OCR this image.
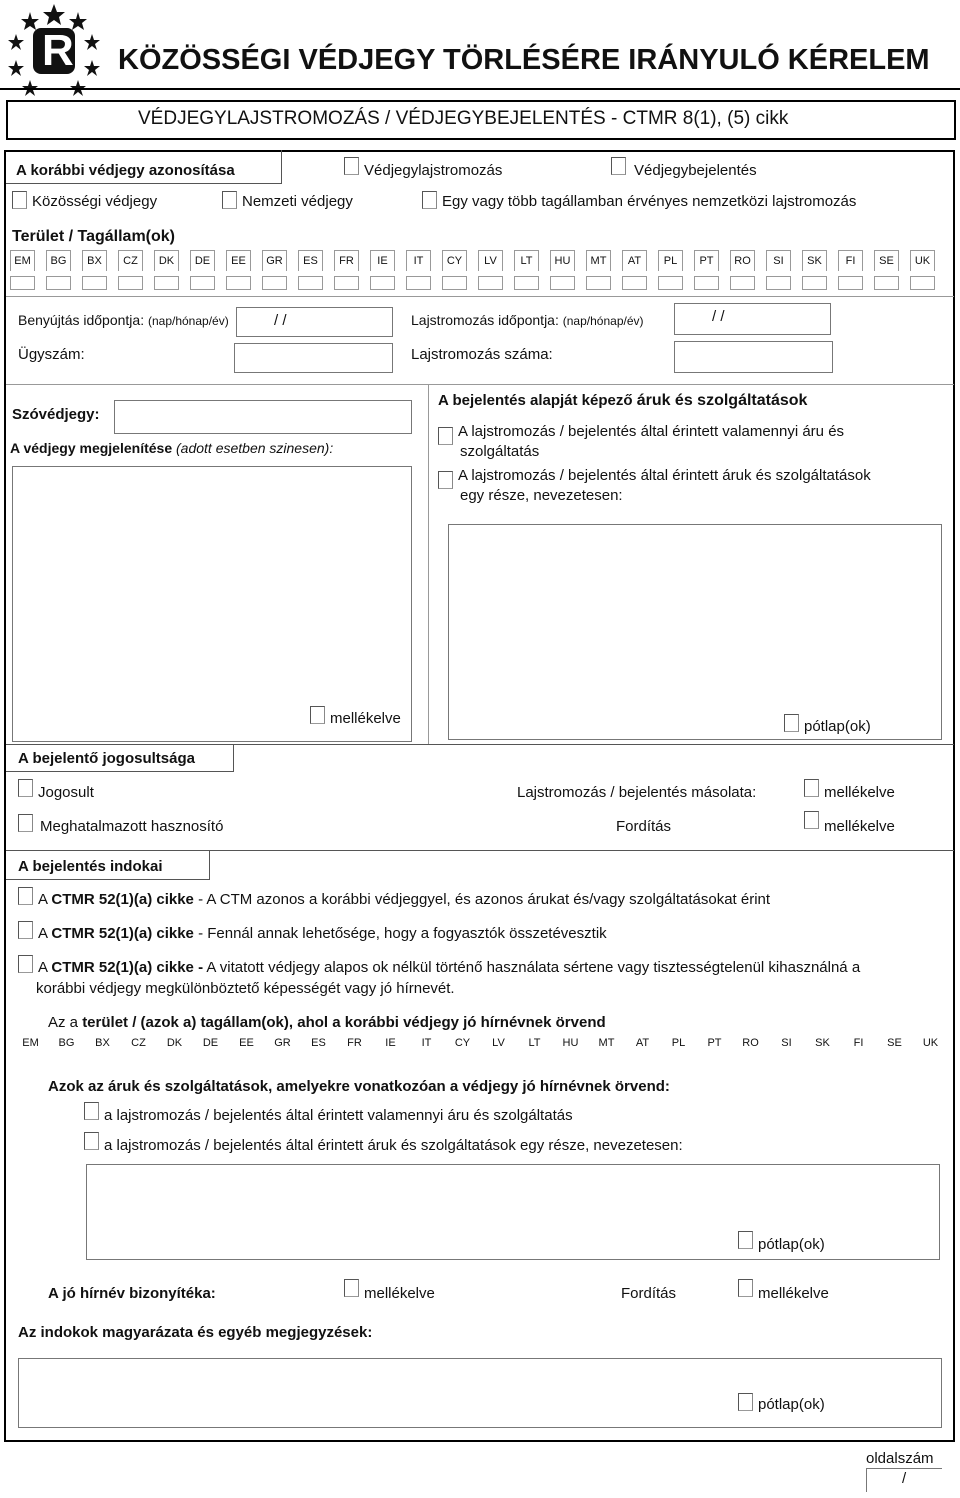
R KÖZÖSSÉGI VÉDJEGY TÖRLÉSÉRE IRÁNYULÓ KÉRELEM
VÉDJEGYLAJSTROMOZÁS / VÉDJEGYBEJELENTÉS - CTMR 8(1), (5) cikk
A korábbi védjegy azonosítása	Védjegylajstromozás	Védjegybejelentés
Közösségi védjegy	Nemzeti védjegy	Egy vagy több tagállamban érvényes nemzetközi lajstromozás
Terület / Tagállam(ok)
EM	BG	BX	CZ	DK	DE	EE	GR	ES	FR	IE	IT	CY	LV	LT	HU	MT	AT	PL	PT	RO	SI	SK	FI	SE	UK
Benyújtás időpontja: (nap/hónap/év)	/ /	Lajstromozás időpontja: (nap/hónap/év)	/ /
Ügyszám:	Lajstromozás száma:
Szóvédjegy:
A védjegy megjelenítése (adott esetben szinesen):
mellékelve
A bejelentés alapját képező áruk és szolgáltatások
A lajstromozás / bejelentés által érintett valamennyi áru és
szolgáltatás
A lajstromozás / bejelentés által érintett áruk és szolgáltatások
egy része, nevezetesen:
pótlap(ok)
A bejelentő jogosultsága
Jogosult	Lajstromozás / bejelentés másolata:	mellékelve
Meghatalmazott hasznosító	Fordítás	mellékelve
A bejelentés indokai
A CTMR 52(1)(a) cikke - A CTM azonos a korábbi védjeggyel, és azonos árukat és/vagy szolgáltatásokat érint
A CTMR 52(1)(a) cikke - Fennál annak lehetősége, hogy a fogyasztók összetévesztik
A CTMR 52(1)(a) cikke - A vitatott védjegy alapos ok nélkül történő használata sértene vagy tisztességtelenül kihasználná a
korábbi védjegy megkülönböztető képességét vagy jó hírnevét.
Az a terület / (azok a) tagállam(ok), ahol a korábbi védjegy jó hírnévnek örvend
EM	BG	BX	CZ	DK	DE	EE	GR	ES	FR	IE	IT	CY	LV	LT	HU	MT	AT	PL	PT	RO	SI	SK	FI	SE	UK
Azok az áruk és szolgáltatások, amelyekre vonatkozóan a védjegy jó hírnévnek örvend:
a lajstromozás / bejelentés által érintett valamennyi áru és szolgáltatás
a lajstromozás / bejelentés által érintett áruk és szolgáltatások egy része, nevezetesen:
pótlap(ok)
A jó hírnév bizonyítéka:	mellékelve	Fordítás	mellékelve
Az indokok magyarázata és egyéb megjegyzések:
pótlap(ok)
oldalszám
/
